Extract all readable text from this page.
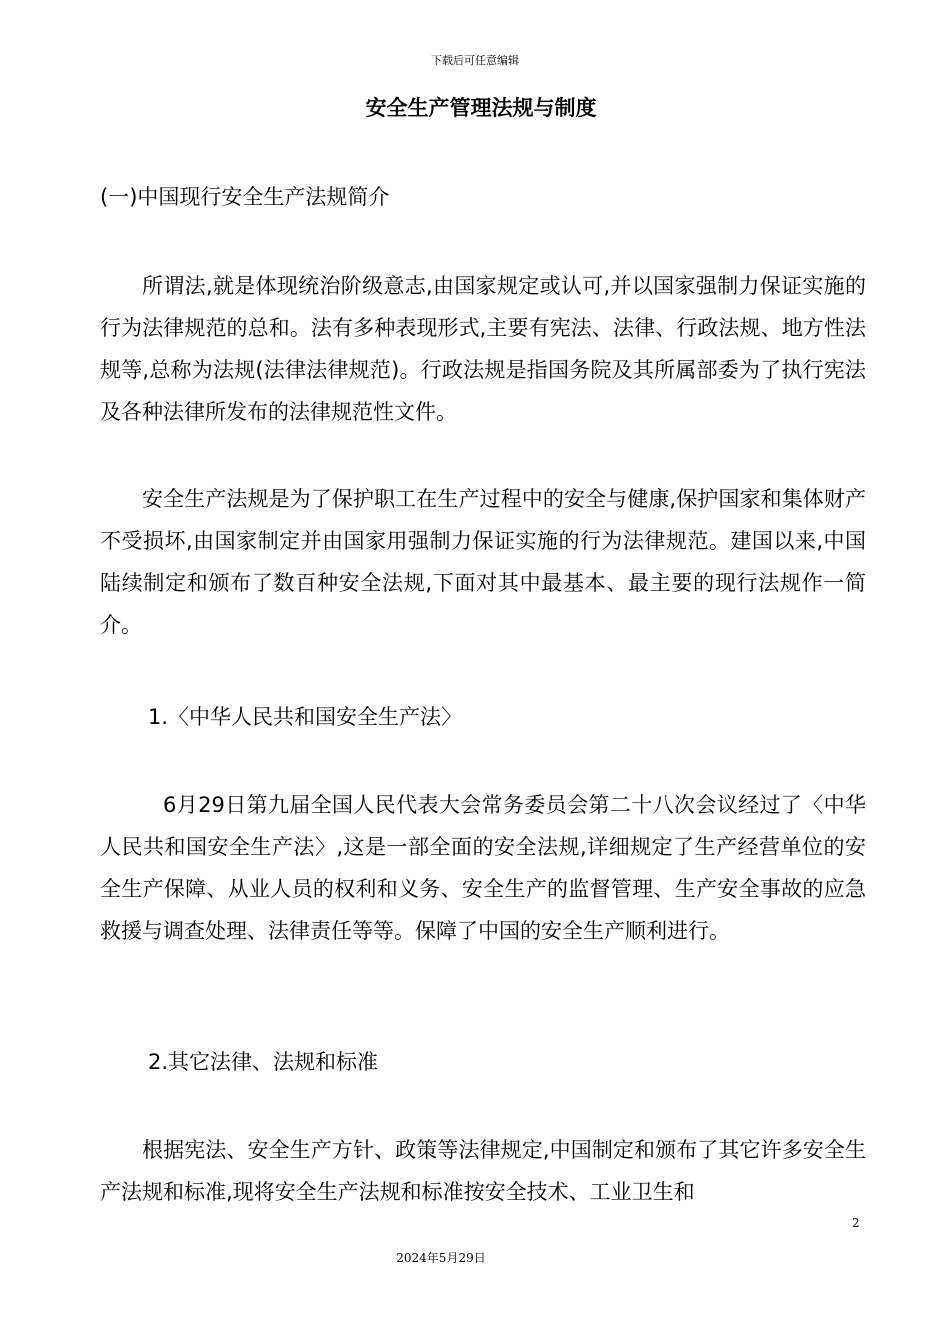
下载后可任意编辑
安全生产管理法规与制度
(一)中国现行安全生产法规简介

所谓法,就是体现统治阶级意志,由国家规定或认可,并以国家强制力保证实施的行为法律规范的总和。法有多种表现形式,主要有宪法、法律、行政法规、地方性法规等,总称为法规(法律法律规范)。行政法规是指国务院及其所属部委为了执行宪法及各种法律所发布的法律规范性文件。

安全生产法规是为了保护职工在生产过程中的安全与健康,保护国家和集体财产不受损坏,由国家制定并由国家用强制力保证实施的行为法律规范。建国以来,中国陆续制定和颁布了数百种安全法规,下面对其中最基本、最主要的现行法规作一简介。

1.〈中华人民共和国安全生产法〉

6月29日第九届全国人民代表大会常务委员会第二十八次会议经过了〈中华人民共和国安全生产法〉,这是一部全面的安全法规,详细规定了生产经营单位的安全生产保障、从业人员的权利和义务、安全生产的监督管理、生产安全事故的应急救援与调查处理、法律责任等等。保障了中国的安全生产顺利进行。

2.其它法律、法规和标准

根据宪法、安全生产方针、政策等法律规定,中国制定和颁布了其它许多安全生产法规和标准,现将安全生产法规和标准按安全技术、工业卫生和

2
2024年5月29日
